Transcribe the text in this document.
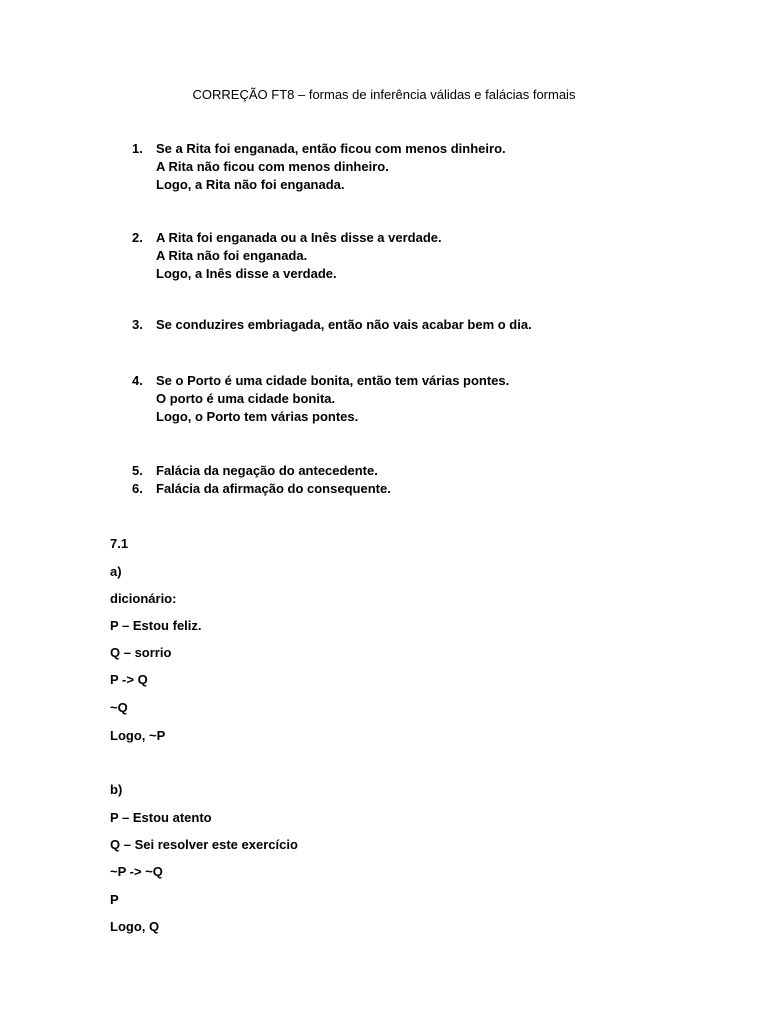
CORREÇÃO FT8 – formas de inferência válidas e falácias formais
1.	Se a Rita foi enganada, então ficou com menos dinheiro.
A Rita não ficou com menos dinheiro.
Logo, a Rita não foi enganada.
2.	A Rita foi enganada ou a Inês disse a verdade.
A Rita não foi enganada.
Logo, a Inês disse a verdade.
3.	Se conduzires embriagada, então não vais acabar bem o dia.
4.	Se o Porto é uma cidade bonita, então tem várias pontes.
O porto é uma cidade bonita.
Logo, o Porto tem várias pontes.
5.	Falácia da negação do antecedente.
6.	Falácia da afirmação do consequente.
7.1
a)
dicionário:
P – Estou feliz.
Q – sorrio
P -> Q
~Q
Logo, ~P
b)
P – Estou atento
Q – Sei resolver este exercício
~P -> ~Q
P
Logo, Q
